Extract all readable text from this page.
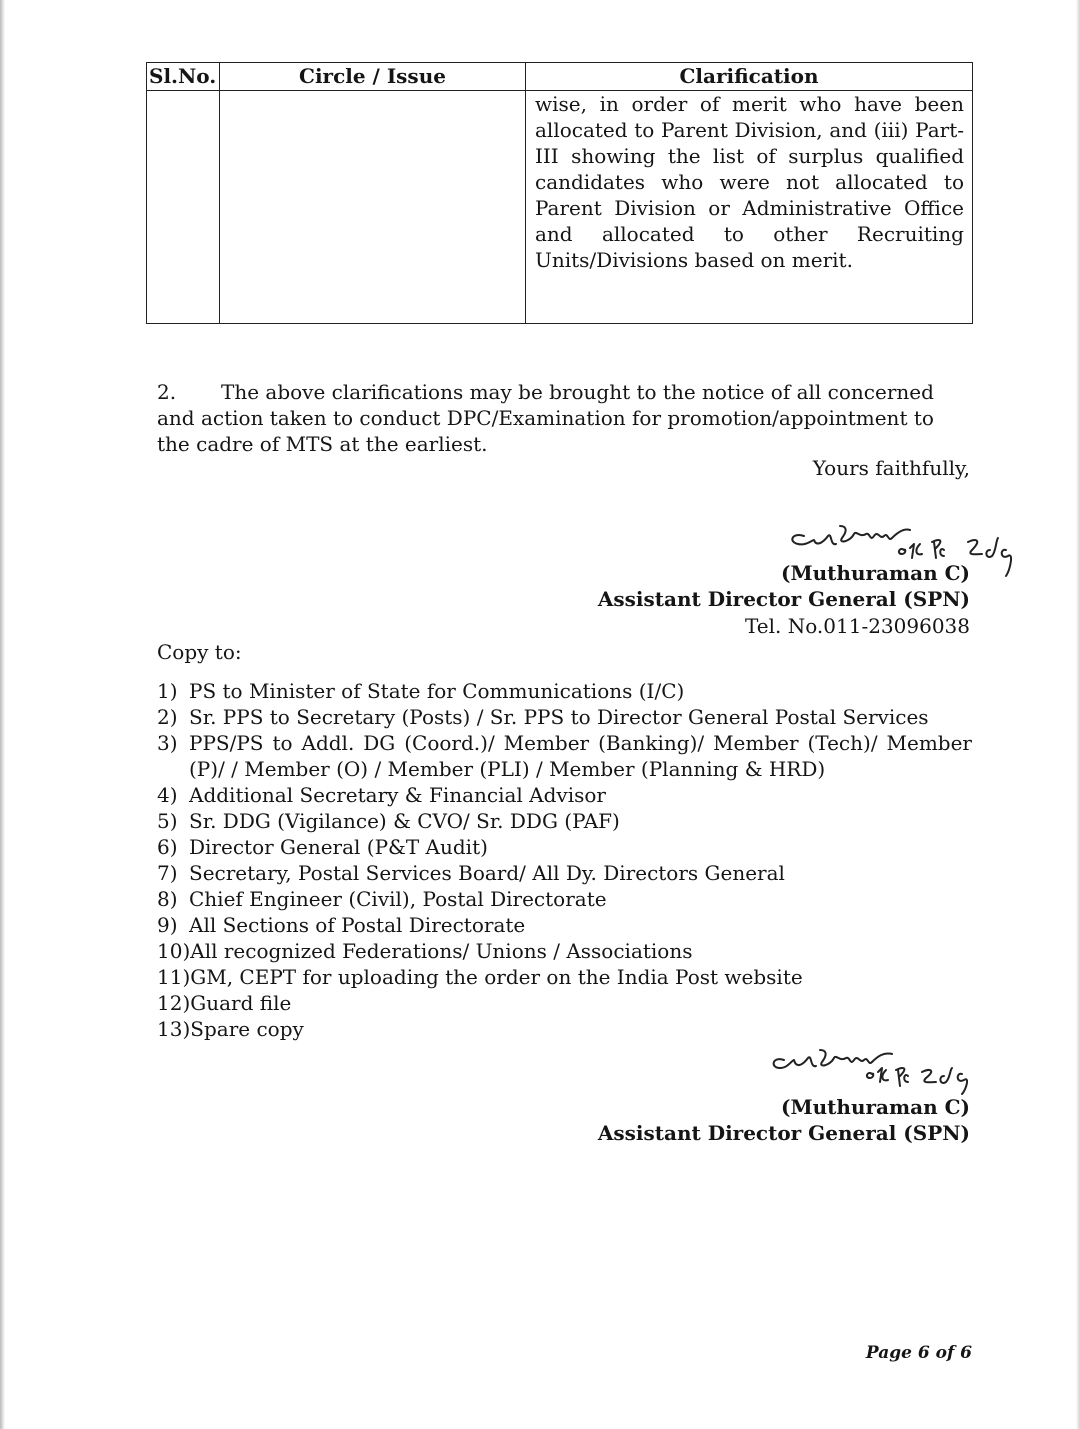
Sl.No.	Circle / Issue	Clarification
		wise, in order of merit who have been allocated to Parent Division, and (iii) Part-III showing the list of surplus qualified candidates who were not allocated to Parent Division or Administrative Office and allocated to other Recruiting Units/Divisions based on merit.

2. The above clarifications may be brought to the notice of all concerned and action taken to conduct DPC/Examination for promotion/appointment to the cadre of MTS at the earliest.

Yours faithfully,
(Muthuraman C)
Assistant Director General (SPN)
Tel. No.011-23096038
Copy to:
1) PS to Minister of State for Communications (I/C)
2) Sr. PPS to Secretary (Posts) / Sr. PPS to Director General Postal Services
3) PPS/PS to Addl. DG (Coord.)/ Member (Banking)/ Member (Tech)/ Member (P)/ / Member (O) / Member (PLI) / Member (Planning & HRD)
4) Additional Secretary & Financial Advisor
5) Sr. DDG (Vigilance) & CVO/ Sr. DDG (PAF)
6) Director General (P&T Audit)
7) Secretary, Postal Services Board/ All Dy. Directors General
8) Chief Engineer (Civil), Postal Directorate
9) All Sections of Postal Directorate
10) All recognized Federations/ Unions / Associations
11) GM, CEPT for uploading the order on the India Post website
12) Guard file
13) Spare copy
(Muthuraman C)
Assistant Director General (SPN)
Page 6 of 6
